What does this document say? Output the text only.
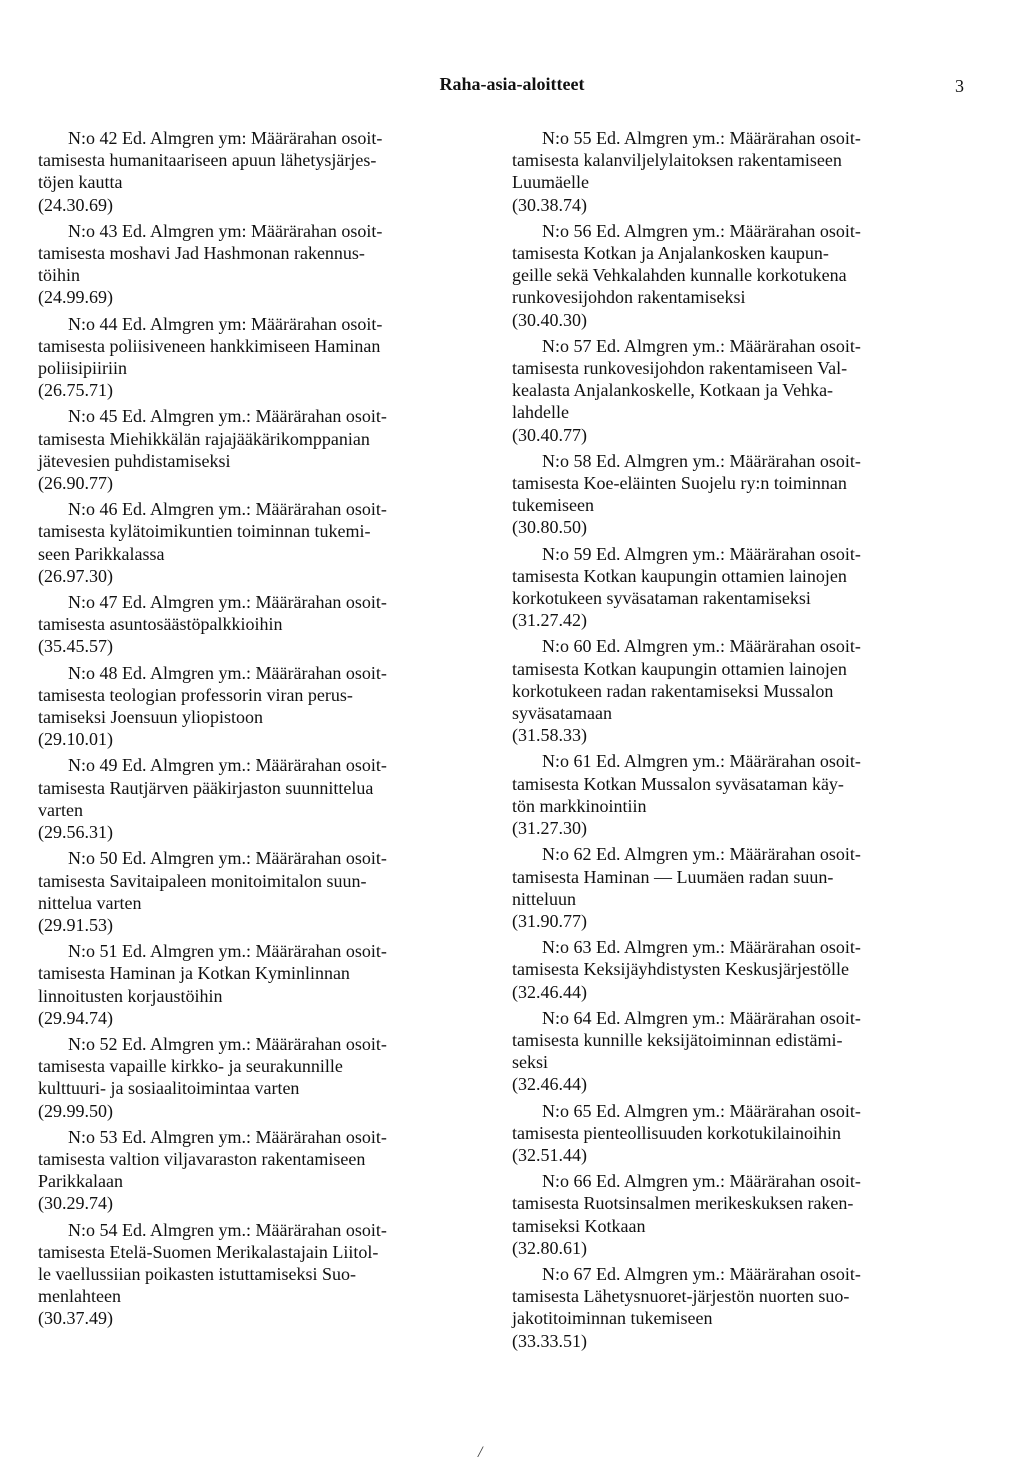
Raha-asia-aloitteet	3
N:o 42 Ed. Almgren ym: Määrärahan osoit-
tamisesta humanitaariseen apuun lähetysjärjes-
töjen kautta
(24.30.69)
N:o 43 Ed. Almgren ym: Määrärahan osoit-
tamisesta moshavi Jad Hashmonan rakennus-
töihin
(24.99.69)
N:o 44 Ed. Almgren ym: Määrärahan osoit-
tamisesta poliisiveneen hankkimiseen Haminan
poliisipiiriin
(26.75.71)
N:o 45 Ed. Almgren ym.: Määrärahan osoit-
tamisesta Miehikkälän rajajääkärikomppanian
jätevesien puhdistamiseksi
(26.90.77)
N:o 46 Ed. Almgren ym.: Määrärahan osoit-
tamisesta kylätoimikuntien toiminnan tukemi-
seen Parikkalassa
(26.97.30)
N:o 47 Ed. Almgren ym.: Määrärahan osoit-
tamisesta asuntosäästöpalkkioihin
(35.45.57)
N:o 48 Ed. Almgren ym.: Määrärahan osoit-
tamisesta teologian professorin viran perus-
tamiseksi Joensuun yliopistoon
(29.10.01)
N:o 49 Ed. Almgren ym.: Määrärahan osoit-
tamisesta Rautjärven pääkirjaston suunnittelua
varten
(29.56.31)
N:o 50 Ed. Almgren ym.: Määrärahan osoit-
tamisesta Savitaipaleen monitoimitalon suun-
nittelua varten
(29.91.53)
N:o 51 Ed. Almgren ym.: Määrärahan osoit-
tamisesta Haminan ja Kotkan Kyminlinnan
linnoitusten korjaustöihin
(29.94.74)
N:o 52 Ed. Almgren ym.: Määrärahan osoit-
tamisesta vapaille kirkko- ja seurakunnille
kulttuuri- ja sosiaalitoimintaa varten
(29.99.50)
N:o 53 Ed. Almgren ym.: Määrärahan osoit-
tamisesta valtion viljavaraston rakentamiseen
Parikkalaan
(30.29.74)
N:o 54 Ed. Almgren ym.: Määrärahan osoit-
tamisesta Etelä-Suomen Merikalastajain Liitol-
le vaellussiian poikasten istuttamiseksi Suo-
menlahteen
(30.37.49)
N:o 55 Ed. Almgren ym.: Määrärahan osoit-
tamisesta kalanviljelylaitoksen rakentamiseen
Luumäelle
(30.38.74)
N:o 56 Ed. Almgren ym.: Määrärahan osoit-
tamisesta Kotkan ja Anjalankosken kaupun-
geille sekä Vehkalahden kunnalle korkotukena
runkovesijohdon rakentamiseksi
(30.40.30)
N:o 57 Ed. Almgren ym.: Määrärahan osoit-
tamisesta runkovesijohdon rakentamiseen Val-
kealasta Anjalankoskelle, Kotkaan ja Vehka-
lahdelle
(30.40.77)
N:o 58 Ed. Almgren ym.: Määrärahan osoit-
tamisesta Koe-eläinten Suojelu ry:n toiminnan
tukemiseen
(30.80.50)
N:o 59 Ed. Almgren ym.: Määrärahan osoit-
tamisesta Kotkan kaupungin ottamien lainojen
korkotukeen syväsataman rakentamiseksi
(31.27.42)
N:o 60 Ed. Almgren ym.: Määrärahan osoit-
tamisesta Kotkan kaupungin ottamien lainojen
korkotukeen radan rakentamiseksi Mussalon
syväsatamaan
(31.58.33)
N:o 61 Ed. Almgren ym.: Määrärahan osoit-
tamisesta Kotkan Mussalon syväsataman käy-
tön markkinointiin
(31.27.30)
N:o 62 Ed. Almgren ym.: Määrärahan osoit-
tamisesta Haminan — Luumäen radan suun-
nitteluun
(31.90.77)
N:o 63 Ed. Almgren ym.: Määrärahan osoit-
tamisesta Keksijäyhdistysten Keskusjärjestölle
(32.46.44)
N:o 64 Ed. Almgren ym.: Määrärahan osoit-
tamisesta kunnille keksijätoiminnan edistämi-
seksi
(32.46.44)
N:o 65 Ed. Almgren ym.: Määrärahan osoit-
tamisesta pienteollisuuden korkotukilainoihin
(32.51.44)
N:o 66 Ed. Almgren ym.: Määrärahan osoit-
tamisesta Ruotsinsalmen merikeskuksen raken-
tamiseksi Kotkaan
(32.80.61)
N:o 67 Ed. Almgren ym.: Määrärahan osoit-
tamisesta Lähetysnuoret-järjestön nuorten suo-
jakotitoiminnan tukemiseen
(33.33.51)
/
